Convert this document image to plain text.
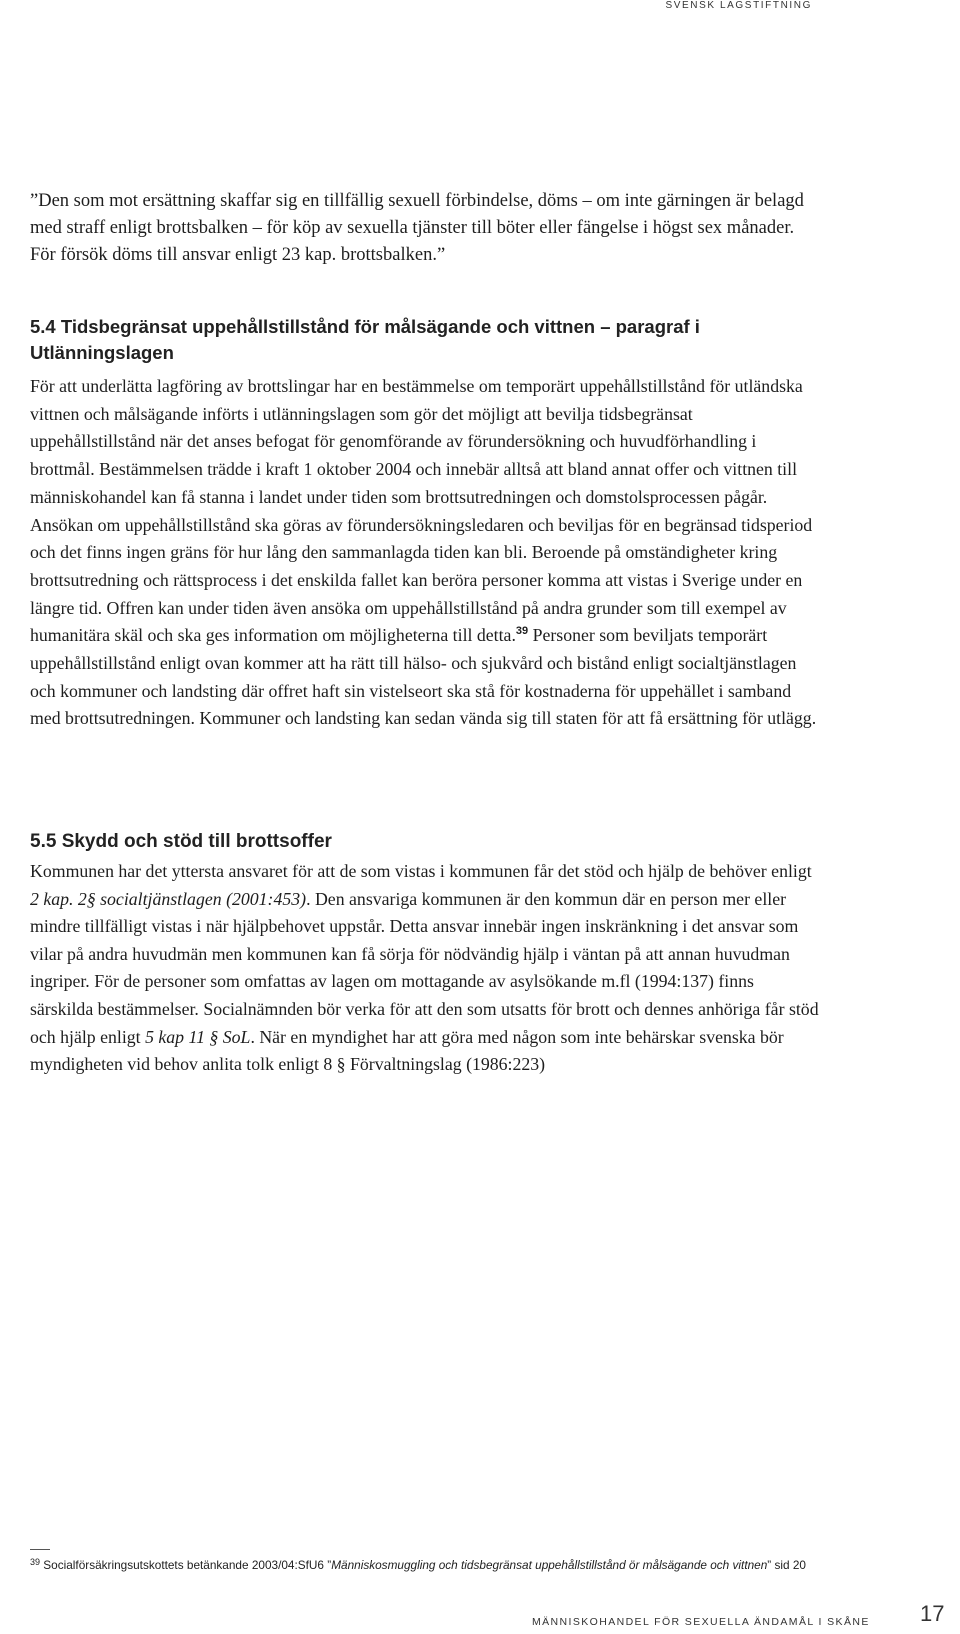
SVENSK LAGSTIFTNING

”Den som mot ersättning skaffar sig en tillfällig sexuell förbindelse, döms – om inte gärningen är belagd med straff enligt brottsbalken – för köp av sexuella tjänster till böter eller fängelse i högst sex månader. För försök döms till ansvar enligt 23 kap. brottsbalken.”

5.4 Tidsbegränsat uppehållstillstånd för målsägande och vittnen – paragraf i Utlänningslagen

För att underlätta lagföring av brottslingar har en bestämmelse om temporärt uppehållstillstånd för utländska vittnen och målsägande införts i utlänningslagen som gör det möjligt att bevilja tidsbegränsat uppehållstillstånd när det anses befogat för genomförande av förundersökning och huvudförhandling i brottmål. Bestämmelsen trädde i kraft 1 oktober 2004 och innebär alltså att bland annat offer och vittnen till människohandel kan få stanna i landet under tiden som brottsutredningen och domstolsprocessen pågår. Ansökan om uppehållstillstånd ska göras av förundersökningsledaren och beviljas för en begränsad tidsperiod och det finns ingen gräns för hur lång den sammanlagda tiden kan bli. Beroende på omständigheter kring brottsutredning och rättsprocess i det enskilda fallet kan beröra personer komma att vistas i Sverige under en längre tid. Offren kan under tiden även ansöka om uppehållstillstånd på andra grunder som till exempel av humanitära skäl och ska ges information om möjligheterna till detta.$^{39}$ Personer som beviljats temporärt uppehållstillstånd enligt ovan kommer att ha rätt till hälso- och sjukvård och bistånd enligt socialtjänstlagen och kommuner och landsting där offret haft sin vistelseort ska stå för kostnaderna för uppehället i samband med brottsutredningen. Kommuner och landsting kan sedan vända sig till staten för att få ersättning för utlägg.

5.5 Skydd och stöd till brottsoffer

Kommunen har det yttersta ansvaret för att de som vistas i kommunen får det stöd och hjälp de behöver enligt 2 kap. 2§ socialtjänstlagen (2001:453). Den ansvariga kommunen är den kommun där en person mer eller mindre tillfälligt vistas i när hjälpbehovet uppstår. Detta ansvar innebär ingen inskränkning i det ansvar som vilar på andra huvudmän men kommunen kan få sörja för nödvändig hjälp i väntan på att annan huvudman ingriper. För de personer som omfattas av lagen om mottagande av asylsökande m.fl (1994:137) finns särskilda bestämmelser. Socialnämnden bör verka för att den som utsatts för brott och dennes anhöriga får stöd och hjälp enligt 5 kap 11 § SoL. När en myndighet har att göra med någon som inte behärskar svenska bör myndigheten vid behov anlita tolk enligt 8 § Förvaltningslag (1986:223)

$^{39}$ Socialförsäkringsutskottets betänkande 2003/04:SfU6 ”Människosmuggling och tidsbegränsat uppehållstillstånd ör målsägande och vittnen” sid 20

MÄNNISKOHANDEL FÖR SEXUELLA ÄNDAMÅL I SKÅNE 17
